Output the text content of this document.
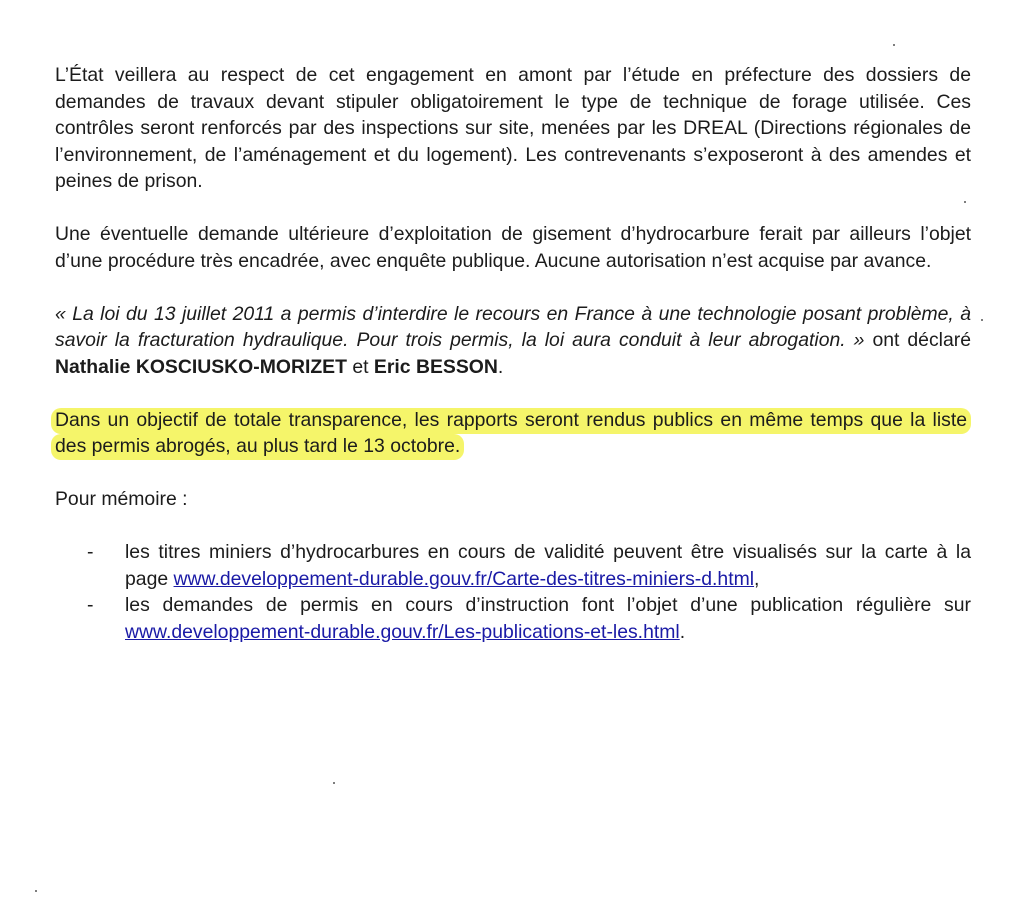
L’État veillera au respect de cet engagement en amont par l’étude en préfecture des dossiers de demandes de travaux devant stipuler obligatoirement le type de technique de forage utilisée. Ces contrôles seront renforcés par des inspections sur site, menées par les DREAL (Directions régionales de l’environnement, de l’aménagement et du logement). Les contrevenants s’exposeront à des amendes et peines de prison.

Une éventuelle demande ultérieure d’exploitation de gisement d’hydrocarbure ferait par ailleurs l’objet d’une procédure très encadrée, avec enquête publique. Aucune autorisation n’est acquise par avance.

« La loi du 13 juillet 2011 a permis d’interdire le recours en France à une technologie posant problème, à savoir la fracturation hydraulique. Pour trois permis, la loi aura conduit à leur abrogation. » ont déclaré Nathalie KOSCIUSKO-MORIZET et Eric BESSON.

Dans un objectif de totale transparence, les rapports seront rendus publics en même temps que la liste des permis abrogés, au plus tard le 13 octobre.

Pour mémoire :

- les titres miniers d’hydrocarbures en cours de validité peuvent être visualisés sur la carte à la page www.developpement-durable.gouv.fr/Carte-des-titres-miniers-d.html,
- les demandes de permis en cours d’instruction font l’objet d’une publication régulière sur www.developpement-durable.gouv.fr/Les-publications-et-les.html.
